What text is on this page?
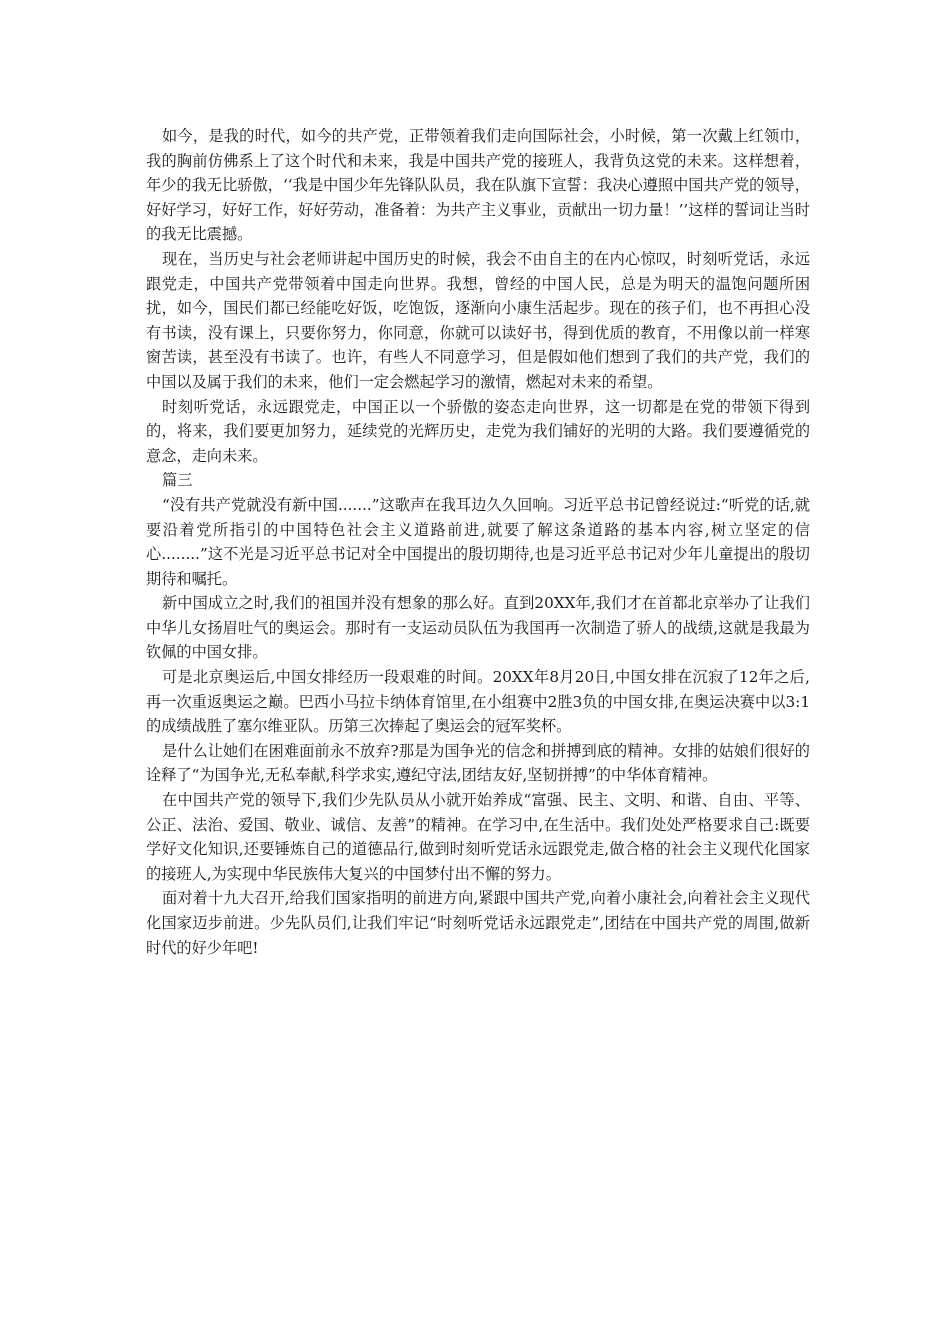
如今，是我的时代，如今的共产党，正带领着我们走向国际社会，小时候，第一次戴上红领巾，我的胸前仿佛系上了这个时代和未来，我是中国共产党的接班人，我背负这党的未来。这样想着，年少的我无比骄傲，‘‘我是中国少年先锋队队员，我在队旗下宣誓：我决心遵照中国共产党的领导，好好学习，好好工作，好好劳动，准备着：为共产主义事业，贡献出一切力量！’’这样的誓词让当时的我无比震撼。

现在，当历史与社会老师讲起中国历史的时候，我会不由自主的在内心惊叹，时刻听党话，永远跟党走，中国共产党带领着中国走向世界。我想，曾经的中国人民，总是为明天的温饱问题所困扰，如今，国民们都已经能吃好饭，吃饱饭，逐渐向小康生活起步。现在的孩子们，也不再担心没有书读，没有课上，只要你努力，你同意，你就可以读好书，得到优质的教育，不用像以前一样寒窗苦读，甚至没有书读了。也许，有些人不同意学习，但是假如他们想到了我们的共产党，我们的中国以及属于我们的未来，他们一定会燃起学习的激情，燃起对未来的希望。

时刻听党话，永远跟党走，中国正以一个骄傲的姿态走向世界，这一切都是在党的带领下得到的，将来，我们要更加努力，延续党的光辉历史，走党为我们铺好的光明的大路。我们要遵循党的意念，走向未来。

篇三

“没有共产党就没有新中国.......”这歌声在我耳边久久回响。习近平总书记曾经说过:“听党的话,就要沿着党所指引的中国特色社会主义道路前进,就要了解这条道路的基本内容,树立坚定的信心........”这不光是习近平总书记对全中国提出的殷切期待,也是习近平总书记对少年儿童提出的殷切期待和嘱托。

新中国成立之时,我们的祖国并没有想象的那么好。直到20XX年,我们才在首都北京举办了让我们中华儿女扬眉吐气的奥运会。那时有一支运动员队伍为我国再一次制造了骄人的战绩,这就是我最为钦佩的中国女排。

可是北京奥运后,中国女排经历一段艰难的时间。20XX年8月20日,中国女排在沉寂了12年之后,再一次重返奥运之巅。巴西小马拉卡纳体育馆里,在小组赛中2胜3负的中国女排,在奥运决赛中以3:1的成绩战胜了塞尔维亚队。历第三次捧起了奥运会的冠军奖杯。

是什么让她们在困难面前永不放弃?那是为国争光的信念和拼搏到底的精神。女排的姑娘们很好的诠释了“为国争光,无私奉献,科学求实,遵纪守法,团结友好,坚韧拼搏”的中华体育精神。

在中国共产党的领导下,我们少先队员从小就开始养成“富强、民主、文明、和谐、自由、平等、公正、法治、爱国、敬业、诚信、友善”的精神。在学习中,在生活中。我们处处严格要求自己:既要学好文化知识,还要锤炼自己的道德品行,做到时刻听党话永远跟党走,做合格的社会主义现代化国家的接班人,为实现中华民族伟大复兴的中国梦付出不懈的努力。

面对着十九大召开,给我们国家指明的前进方向,紧跟中国共产党,向着小康社会,向着社会主义现代化国家迈步前进。少先队员们,让我们牢记“时刻听党话永远跟党走”,团结在中国共产党的周围,做新时代的好少年吧!
